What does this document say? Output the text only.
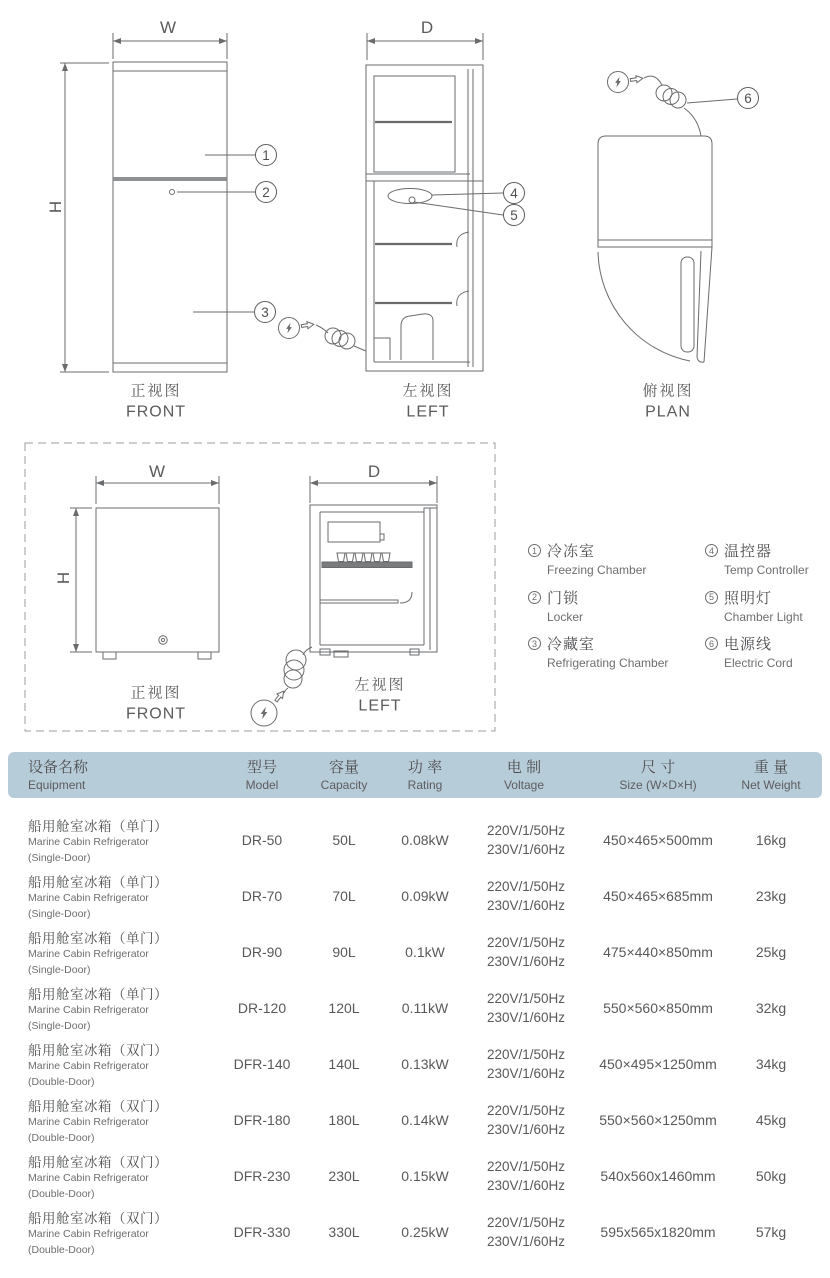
W
H
D
W
H
D
正视图
FRONT
左视图
LEFT
俯视图
PLAN
正视图
FRONT
左视图
LEFT
1
2
3
4
5
6
1 冷冻室
Freezing Chamber
2 门锁
Locker
3 冷藏室
Refrigerating Chamber
4 温控器
Temp Controller
5 照明灯
Chamber Light
6 电源线
Electric Cord
设备名称
Equipment
型号
Model
容量
Capacity
功 率
Rating
电 制
Voltage
尺 寸
Size (W×D×H)
重 量
Net Weight
船用舱室冰箱（单门）
Marine Cabin Refrigerator
(Single-Door)
DR-50	50L	0.08kW
220V/1/50Hz
230V/1/60Hz
450×465×500mm	16kg
船用舱室冰箱（单门）
Marine Cabin Refrigerator
(Single-Door)
DR-70	70L	0.09kW
220V/1/50Hz
230V/1/60Hz
450×465×685mm	23kg
船用舱室冰箱（单门）
Marine Cabin Refrigerator
(Single-Door)
DR-90	90L	0.1kW
220V/1/50Hz
230V/1/60Hz
475×440×850mm	25kg
船用舱室冰箱（单门）
Marine Cabin Refrigerator
(Single-Door)
DR-120	120L	0.11kW
220V/1/50Hz
230V/1/60Hz
550×560×850mm	32kg
船用舱室冰箱（双门）
Marine Cabin Refrigerator
(Double-Door)
DFR-140	140L	0.13kW
220V/1/50Hz
230V/1/60Hz
450×495×1250mm	34kg
船用舱室冰箱（双门）
Marine Cabin Refrigerator
(Double-Door)
DFR-180	180L	0.14kW
220V/1/50Hz
230V/1/60Hz
550×560×1250mm	45kg
船用舱室冰箱（双门）
Marine Cabin Refrigerator
(Double-Door)
DFR-230	230L	0.15kW
220V/1/50Hz
230V/1/60Hz
540x560x1460mm	50kg
船用舱室冰箱（双门）
Marine Cabin Refrigerator
(Double-Door)
DFR-330	330L	0.25kW
220V/1/50Hz
230V/1/60Hz
595x565x1820mm	57kg
